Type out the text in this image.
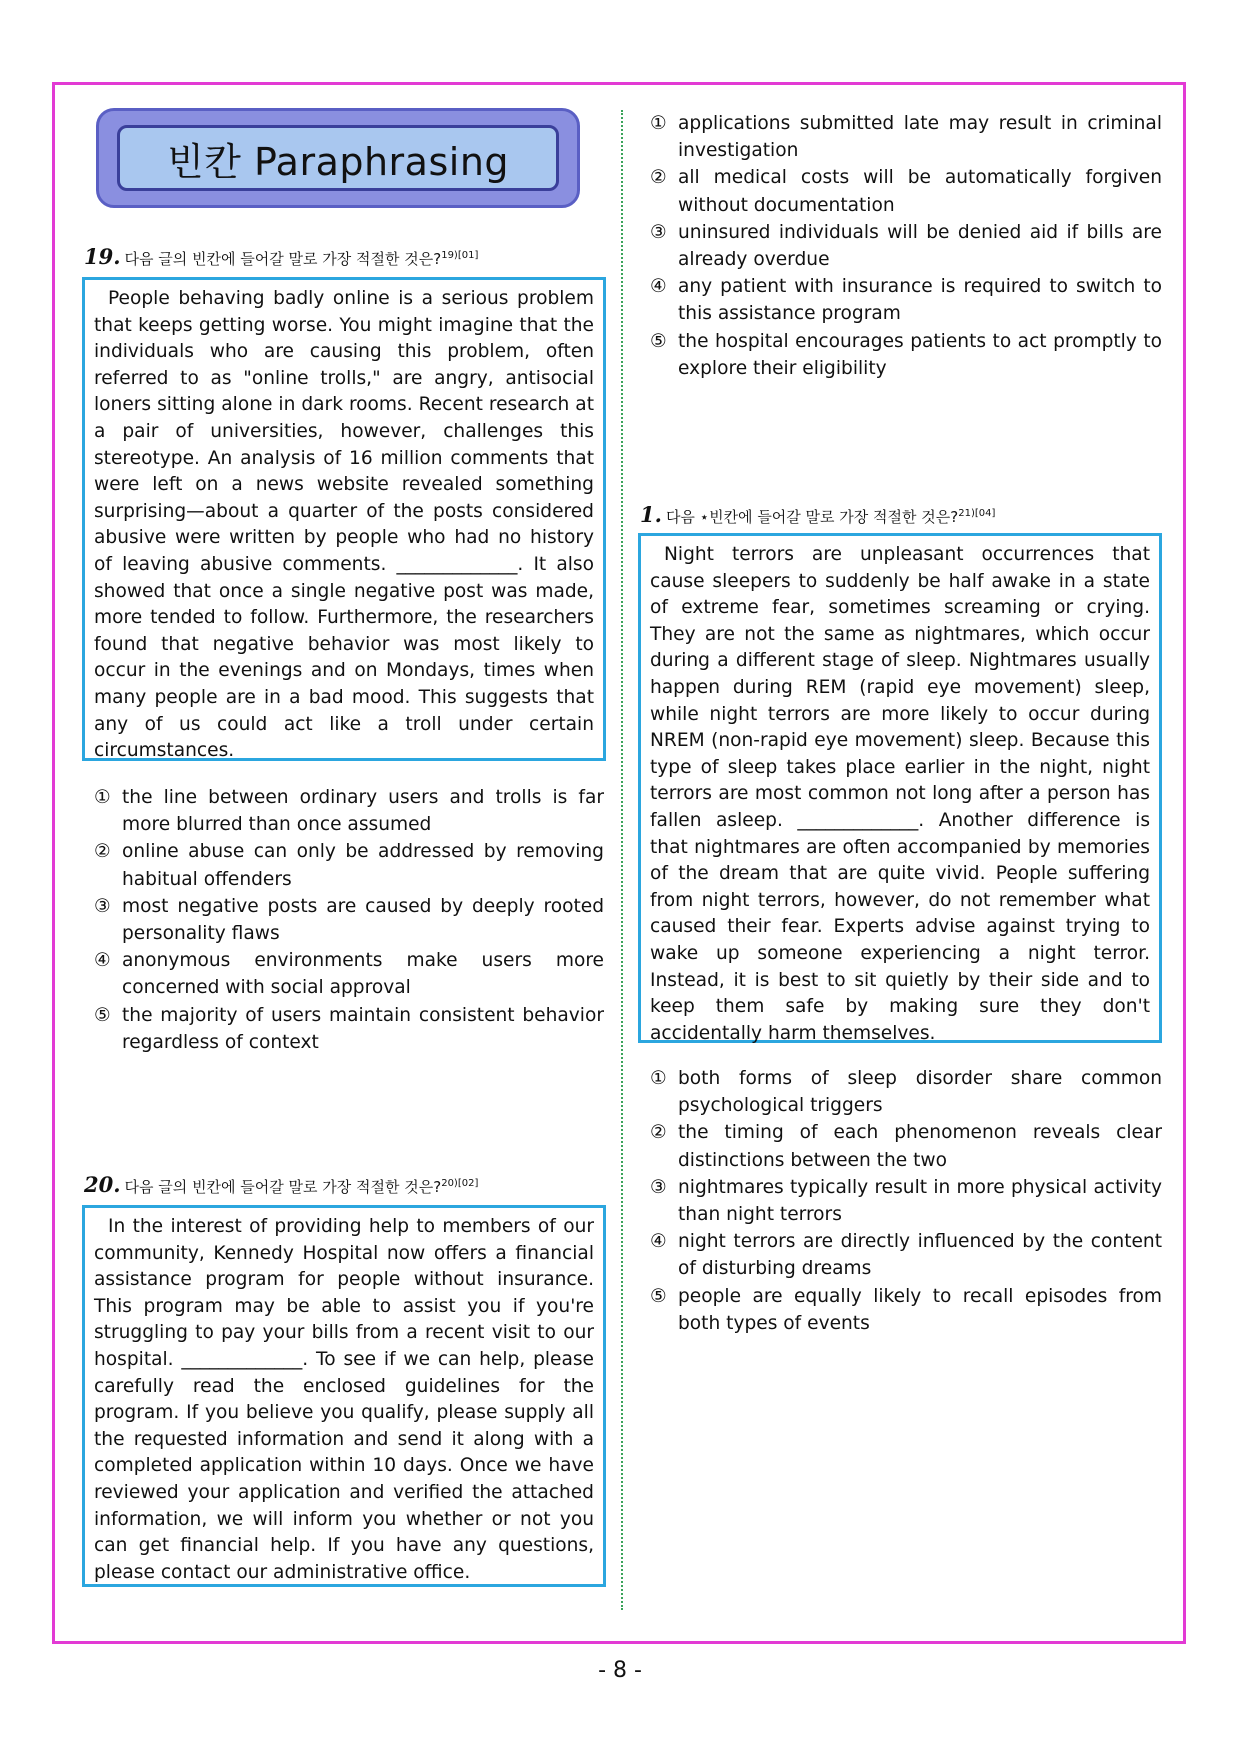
빈칸 Paraphrasing
19. 다음 글의 빈칸에 들어갈 말로 가장 적절한 것은?$^{19)[01]}$
People behaving badly online is a serious problem that keeps getting worse. You might imagine that the individuals who are causing this problem, often referred to as "online trolls," are angry, antisocial loners sitting alone in dark rooms. Recent research at a pair of universities, however, challenges this stereotype. An analysis of 16 million comments that were left on a news website revealed something surprising—about a quarter of the posts considered abusive were written by people who had no history of leaving abusive comments. _____________. It also showed that once a single negative post was made, more tended to follow. Furthermore, the researchers found that negative behavior was most likely to occur in the evenings and on Mondays, times when many people are in a bad mood. This suggests that any of us could act like a troll under certain circumstances.
① the line between ordinary users and trolls is far more blurred than once assumed
② online abuse can only be addressed by removing habitual offenders
③ most negative posts are caused by deeply rooted personality flaws
④ anonymous environments make users more concerned with social approval
⑤ the majority of users maintain consistent behavior regardless of context
20. 다음 글의 빈칸에 들어갈 말로 가장 적절한 것은?$^{20)[02]}$
In the interest of providing help to members of our community, Kennedy Hospital now offers a financial assistance program for people without insurance. This program may be able to assist you if you're struggling to pay your bills from a recent visit to our hospital. _____________. To see if we can help, please carefully read the enclosed guidelines for the program. If you believe you qualify, please supply all the requested information and send it along with a completed application within 10 days. Once we have reviewed your application and verified the attached information, we will inform you whether or not you can get financial help. If you have any questions, please contact our administrative office.
① applications submitted late may result in criminal investigation
② all medical costs will be automatically forgiven without documentation
③ uninsured individuals will be denied aid if bills are already overdue
④ any patient with insurance is required to switch to this assistance program
⑤ the hospital encourages patients to act promptly to explore their eligibility
1. 다음 ⋆빈칸에 들어갈 말로 가장 적절한 것은?$^{21)[04]}$
Night terrors are unpleasant occurrences that cause sleepers to suddenly be half awake in a state of extreme fear, sometimes screaming or crying. They are not the same as nightmares, which occur during a different stage of sleep. Nightmares usually happen during REM (rapid eye movement) sleep, while night terrors are more likely to occur during NREM (non-rapid eye movement) sleep. Because this type of sleep takes place earlier in the night, night terrors are most common not long after a person has fallen asleep. _____________. Another difference is that nightmares are often accompanied by memories of the dream that are quite vivid. People suffering from night terrors, however, do not remember what caused their fear. Experts advise against trying to wake up someone experiencing a night terror. Instead, it is best to sit quietly by their side and to keep them safe by making sure they don't accidentally harm themselves.
① both forms of sleep disorder share common psychological triggers
② the timing of each phenomenon reveals clear distinctions between the two
③ nightmares typically result in more physical activity than night terrors
④ night terrors are directly influenced by the content of disturbing dreams
⑤ people are equally likely to recall episodes from both types of events
- 8 -
